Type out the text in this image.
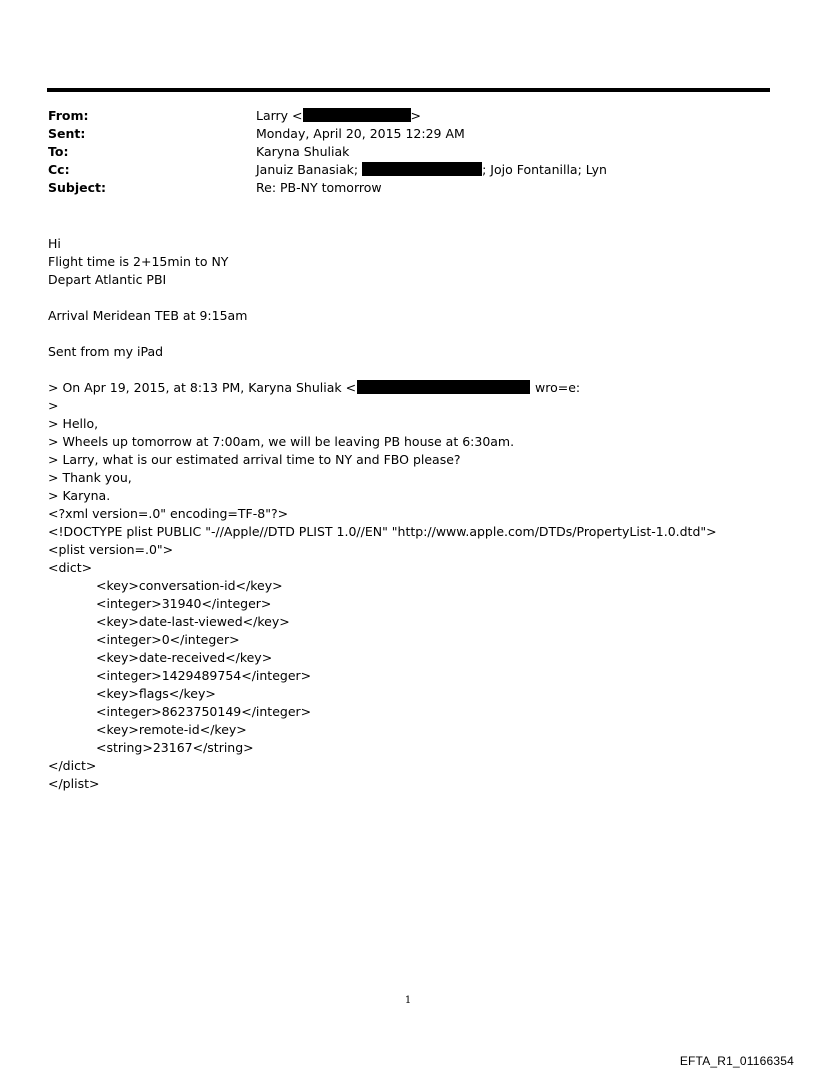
From:	Larry <	>
Sent:	Monday, April 20, 2015 12:29 AM
To:	Karyna Shuliak
Cc:	Januiz Banasiak;	; Jojo Fontanilla; Lyn
Subject:	Re: PB-NY tomorrow
Hi
Flight time is 2+15min to NY
Depart Atlantic PBI
Arrival Meridean TEB at 9:15am
Sent from my iPad
> On Apr 19, 2015, at 8:13 PM, Karyna Shuliak <	wro=e:
>
> Hello,
> Wheels up tomorrow at 7:00am, we will be leaving PB house at 6:30am.
> Larry, what is our estimated arrival time to NY and FBO please?
> Thank you,
> Karyna.
<?xml version=.0" encoding=TF-8"?>
<!DOCTYPE plist PUBLIC "-//Apple//DTD PLIST 1.0//EN" "http://www.apple.com/DTDs/PropertyList-1.0.dtd">
<plist version=.0">
<dict>
<key>conversation-id</key>
<integer>31940</integer>
<key>date-last-viewed</key>
<integer>0</integer>
<key>date-received</key>
<integer>1429489754</integer>
<key>flags</key>
<integer>8623750149</integer>
<key>remote-id</key>
<string>23167</string>
</dict>
</plist>
1
EFTA_R1_01166354
